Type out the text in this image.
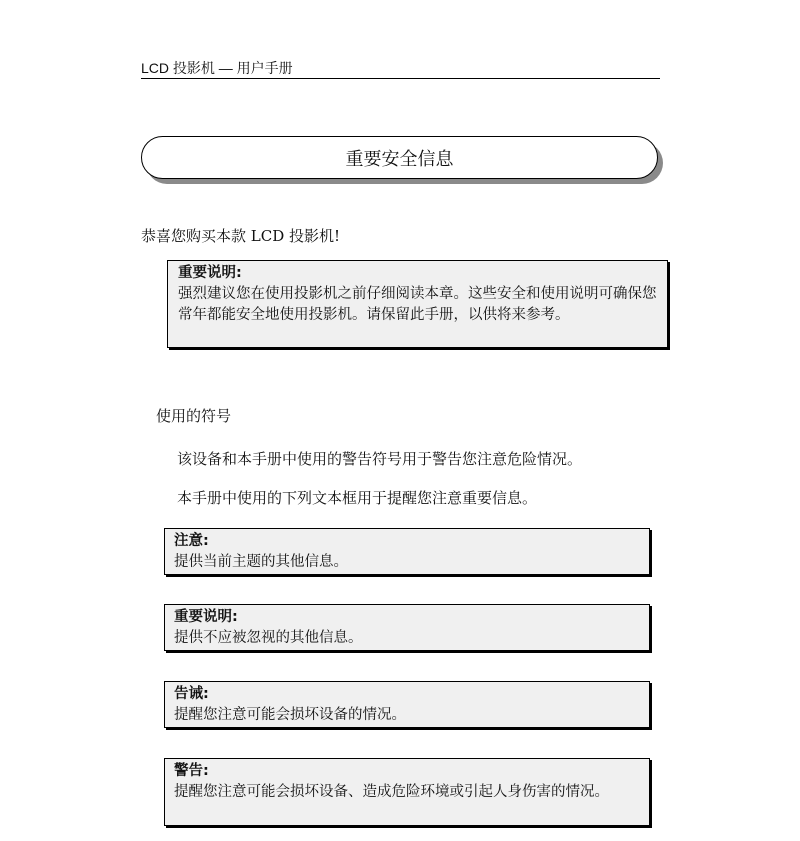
LCD 投影机 — 用户手册
重要安全信息
恭喜您购买本款 LCD 投影机!
重要说明:
强烈建议您在使用投影机之前仔细阅读本章。这些安全和使用说明可确保您常年都能安全地使用投影机。请保留此手册，以供将来参考。
使用的符号
该设备和本手册中使用的警告符号用于警告您注意危险情况。
本手册中使用的下列文本框用于提醒您注意重要信息。
注意:
提供当前主题的其他信息。
重要说明:
提供不应被忽视的其他信息。
告诫:
提醒您注意可能会损坏设备的情况。
警告:
提醒您注意可能会损坏设备、造成危险环境或引起人身伤害的情况。
